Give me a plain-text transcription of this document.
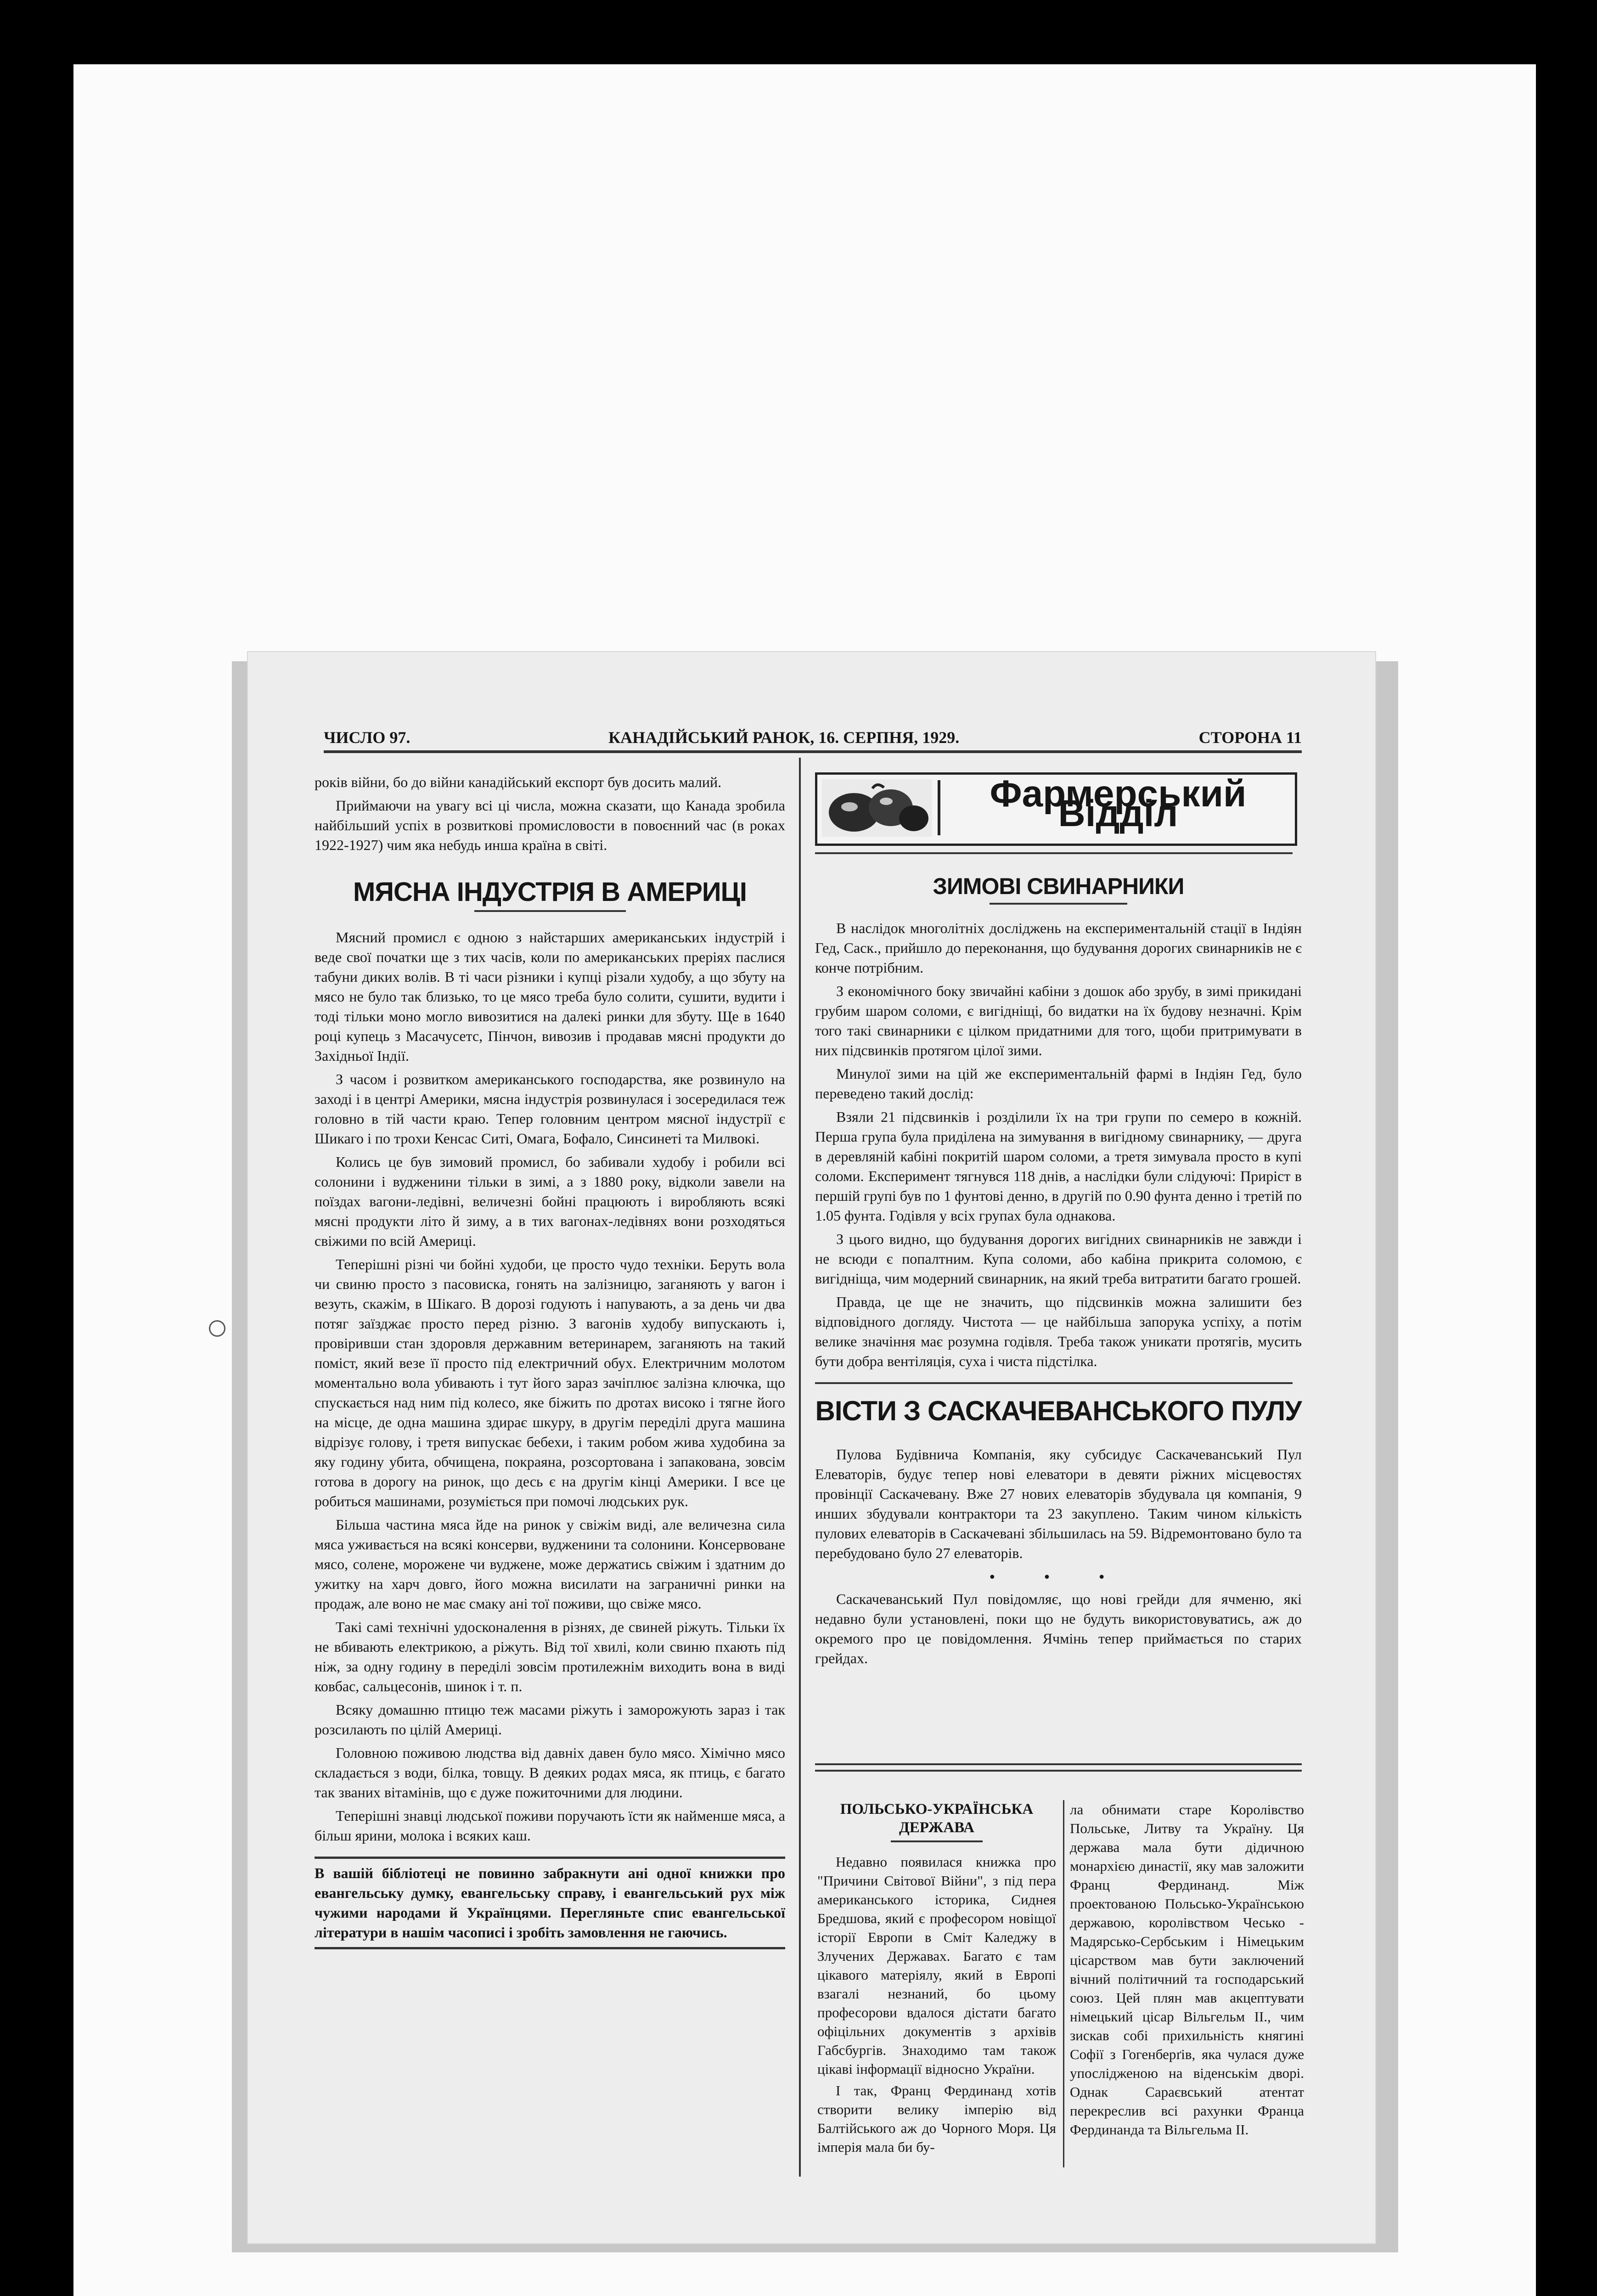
ЧИСЛО 97.	КАНАДІЙСЬКИЙ РАНОК, 16. СЕРПНЯ, 1929.	СТОРОНА 11

років війни, бо до війни канадійський експорт був досить малий.

Приймаючи на увагу всі ці числа, можна сказати, що Канада зробила найбільший успіх в розвиткові промисловости в повоєнний час (в роках 1922-1927) чим яка небудь инша країна в світі.

МЯСНА ІНДУСТРІЯ В АМЕРИЦІ

Мясний промисл є одною з найстарших американських індустрій і веде свої початки ще з тих часів, коли по американських преріях паслися табуни диких волів. В ті часи різники і купці різали худобу, а що збуту на мясо не було так близько, то це мясо треба було солити, сушити, вудити і тоді тільки мoно могло вивозитися на далекі ринки для збуту. Ще в 1640 році купець з Масачусетс, Пінчон, вивозив і продавав мясні продукти до Західньої Індії.

З часом і розвитком американського господарства, яке розвинуло на заході і в центрі Америки, мясна індустрія розвинулася і зосередилася теж головно в тій части краю. Тепер головним центром мясної індустрії є Шикаго і по троxи Кенсас Ситі, Омага, Бофало, Синсинеті та Милвокі.

Колись це був зимовий промисл, бо забивали худобу і робили всі солонини і вудженини тільки в зимі, а з 1880 року, відколи завели на поїздах вагони-ледівні, величезні бойні працюють і виробляють всякі мясні продукти літо й зиму, а в тих вагонах-ледівнях вони розходяться свіжими по всій Америці.

Теперішні різні чи бойні худоби, це просто чудо техніки. Беруть вола чи свиню просто з пасовиска, гонять на залізницю, заганяють у вагон і везуть, скажім, в Шікаго. В дорозі годують і напувають, а за день чи два потяг заїзджає просто перед різню. З вагонів худобу випускають і, провіривши стан здоровля державним ветеринарем, заганяють на такий поміст, який везе її просто під електричний обух. Електричним молотом моментально вола убивають і тут його зараз зачіплює залізна ключка, що спускається над ним під колесо, яке біжить по дротах високо і тягне його на місце, де одна машина здирає шкуру, в другім переділі друга машина відрізує голову, і третя випускає бебехи, і таким робом жива худобина за яку годину убита, обчищена, покраяна, розсортована і запакована, зовсім готова в дорогу на ринок, що десь є на другім кінці Америки. І все це робиться машинами, розуміється при помочі людських рук.

Більша частина мяса йде на ринок у свіжім виді, але величезна сила мяса уживається на всякі консерви, вудженини та солонини. Консервоване мясо, солене, морожене чи вуджене, може держатись свіжим і здатним до ужитку на харч довго, його можна висилати на заграничні ринки на продаж, але воно не має смаку ані тої поживи, що свіже мясо.

Такі самі технічні удосконалення в різнях, де свиней ріжуть. Тільки їх не вбивають електрикою, а ріжуть. Від тої хвилі, коли свиню пхають під ніж, за одну годину в переділі зовсім протилежнім виходить вона в виді ковбас, сальцесонів, шинок і т. п.

Всяку домашню птицю теж масами ріжуть і заморожують зараз і так розсилають по цілій Америці.

Головною поживою людства від давніх давен було мясо. Хімічно мясо складається з води, білка, товщу. В деяких родах мяса, як птиць, є багато так званих вітамінів, що є дуже пожиточними для людини.

Теперішні знавці людської поживи поручають їсти як найменше мяса, а більш ярини, молока і всяких каш.

В вашій бібліотеці не повинно забракнути ані одної книжки про евангельську думку, евангельську справу, і евангельський рух між чужими народами й Українцями. Перегляньте спис евангельської літератури в нашім часописі і зробіть замовлення не гаючись.
Фармерський Відділ
ЗИМОВІ СВИНАРНИКИ

В наслідок многолітніх досліджень на експериментальній стації в Індіян Гед, Саск., прийшло до переконання, що будування дорогих свинарників не є конче потрібним.

З економічного боку звичайні кабіни з дошок або зрубу, в зимі прикидані грубим шаром соломи, є вигідніщі, бо видатки на їх будову незначні. Крім того такі свинарники є цілком придатними для того, щоби притримувати в них підсвинків протягом цілої зими.

Минулої зими на цій же експериментальній фармі в Індіян Гед, було переведено такий дослід:

Взяли 21 підсвинків і розділили їх на три групи по семеро в кожній. Перша група була приділена на зимування в вигідному свинарнику, — друга в деревляній кабіні покритій шаром соломи, а третя зимувала просто в купі соломи. Експеримент тягнувся 118 днів, а наслідки були слідуючі: Приріст в першій групі був по 1 фунтові денно, в другій по 0.90 фунта денно і третій по 1.05 фунта. Годівля у всіх групах була однакова.

З цього видно, що будування дорогих вигідних свинарників не завжди і не всюди є попалтним. Купа соломи, або кабіна прикрита соломою, є вигідніща, чим модерний свинарник, на який треба витратити багато грошей.

Правда, це ще не значить, що підсвинків можна залишити без відповідного догляду. Чистота — це найбільша запорука успіху, а потім велике значіння має розумна годівля. Треба також уникати протягів, мусить бути добра вентіляція, суха і чиста підстілка.

ВІСТИ З САСКАЧЕВАНСЬКОГО ПУЛУ

Пулова Будівнича Компанія, яку субсидує Саскачеванський Пул Елеваторів, будує тепер нові елеватори в девяти ріжних місцевостях провінції Саскачевану. Вже 27 нових елеваторів збудувала ця компанія, 9 инших збудували контрактори та 23 закуплено. Таким чином кількість пулових елеваторів в Саскачевані збільшилась на 59. Відремонтовано було та перебудовано було 27 елеваторів.

• • •

Саскачеванський Пул повідомляє, що нові грейди для ячменю, які недавно були установлені, поки що не будуть використовуватись, аж до окремого про це повідомлення. Ячмінь тепер приймається по старих грейдах.

ПОЛЬСЬКО-УКРАЇНСЬКА ДЕРЖАВА

Недавно появилася книжка про "Причини Світової Війни", з під пера американського історика, Сиднея Бредшова, який є професором новіщої історії Европи в Сміт Каледжу в Злучених Державах. Багато є там цікавого матеріялу, який в Европі взагалі незнаний, бо цьому професорови вдалося дістати багато офіцільних документів з архівів Габсбургів. Знаходимо там також цікаві інформації відносно України.

І так, Франц Фердинанд хотів створити велику імперію від Балтійського аж до Чорного Моря. Ця імперія мала би бу-

ла обнимати старе Королівство Польське, Литву та Україну. Ця держава мала бути дідичною монархією династії, яку мав заложити Франц Фердинанд. Між проектованою Польсько-Українською державою, королівством Чесько - Мадярсько-Сербським і Німецьким цісарством мав бути заключений вічний політичний та господарський союз. Цей плян мав акцептувати німецький цісар Вільгельм II., чим зискав собі прихильність княгині Софії з Гогенберґів, яка чулася дуже упослідженою на віденськім дворі. Однак Сараєвський атентат перекреслив всі рахунки Франца Фердинанда та Вільгельма II.
